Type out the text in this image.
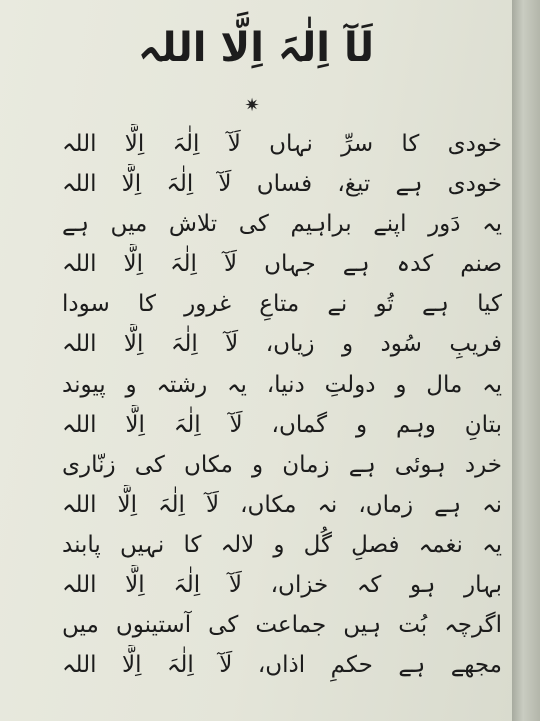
لَآ اِلٰہَ اِلَّا اللہ
✷
خودی کا سرِّ نہاں لَآ اِلٰہَ اِلَّا اللہ
خودی ہے تیغ، فساں لَآ اِلٰہَ اِلَّا اللہ
یہ دَور اپنے براہیم کی تلاش میں ہے
صنم کدہ ہے جہاں لَآ اِلٰہَ اِلَّا اللہ
کیا ہے تُو نے متاعِ غرور کا سودا
فریبِ سُود و زیاں، لَآ اِلٰہَ اِلَّا اللہ
یہ مال و دولتِ دنیا، یہ رشتہ و پیوند
بتانِ وہم و گماں، لَآ اِلٰہَ اِلَّا اللہ
خرد ہوئی ہے زمان و مکاں کی زنّاری
نہ ہے زماں، نہ مکاں، لَآ اِلٰہَ اِلَّا اللہ
یہ نغمہ فصلِ گُل و لالہ کا نہیں پابند
بہار ہو کہ خزاں، لَآ اِلٰہَ اِلَّا اللہ
اگرچہ بُت ہیں جماعت کی آستینوں میں
مجھے ہے حکمِ اذاں، لَآ اِلٰہَ اِلَّا اللہ
